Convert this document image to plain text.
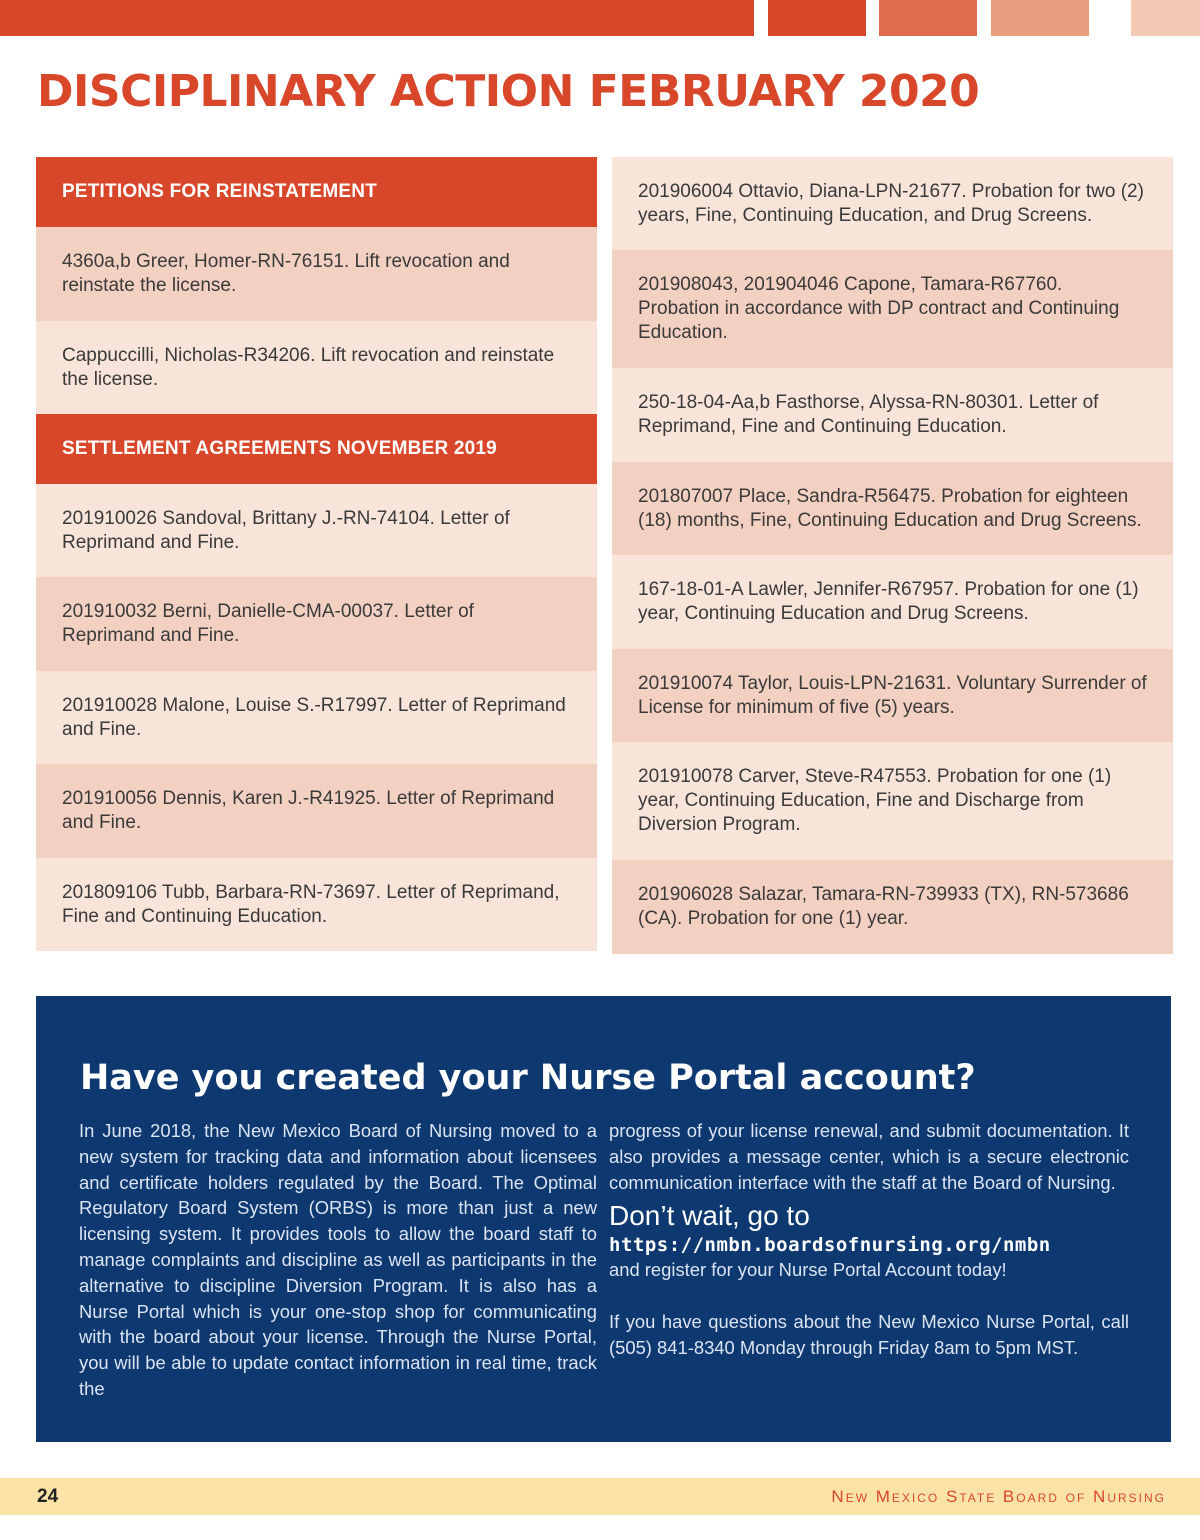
DISCIPLINARY ACTION FEBRUARY 2020

PETITIONS FOR REINSTATEMENT

4360a,b Greer, Homer-RN-76151. Lift revocation and reinstate the license.

Cappuccilli, Nicholas-R34206. Lift revocation and reinstate the license.

SETTLEMENT AGREEMENTS NOVEMBER 2019

201910026 Sandoval, Brittany J.-RN-74104. Letter of Reprimand and Fine.

201910032 Berni, Danielle-CMA-00037. Letter of Reprimand and Fine.

201910028 Malone, Louise S.-R17997. Letter of Reprimand and Fine.

201910056 Dennis, Karen J.-R41925. Letter of Reprimand and Fine.

201809106 Tubb, Barbara-RN-73697. Letter of Reprimand, Fine and Continuing Education.

201906004 Ottavio, Diana-LPN-21677. Probation for two (2) years, Fine, Continuing Education, and Drug Screens.

201908043, 201904046 Capone, Tamara-R67760. Probation in accordance with DP contract and Continuing Education.

250-18-04-Aa,b Fasthorse, Alyssa-RN-80301. Letter of Reprimand, Fine and Continuing Education.

201807007 Place, Sandra-R56475. Probation for eighteen (18) months, Fine, Continuing Education and Drug Screens.

167-18-01-A Lawler, Jennifer-R67957. Probation for one (1) year, Continuing Education and Drug Screens.

201910074 Taylor, Louis-LPN-21631. Voluntary Surrender of License for minimum of five (5) years.

201910078 Carver, Steve-R47553. Probation for one (1) year, Continuing Education, Fine and Discharge from Diversion Program.

201906028 Salazar, Tamara-RN-739933 (TX), RN-573686 (CA). Probation for one (1) year.

Have you created your Nurse Portal account?

In June 2018, the New Mexico Board of Nursing moved to a new system for tracking data and information about licensees and certificate holders regulated by the Board. The Optimal Regulatory Board System (ORBS) is more than just a new licensing system. It provides tools to allow the board staff to manage complaints and discipline as well as participants in the alternative to discipline Diversion Program. It is also has a Nurse Portal which is your one-stop shop for communicating with the board about your license. Through the Nurse Portal, you will be able to update contact information in real time, track the

progress of your license renewal, and submit documentation. It also provides a message center, which is a secure electronic communication interface with the staff at the Board of Nursing.

Don’t wait, go to

https://nmbn.boardsofnursing.org/nmbn

and register for your Nurse Portal Account today!

If you have questions about the New Mexico Nurse Portal, call (505) 841-8340 Monday through Friday 8am to 5pm MST.

24	New Mexico State Board of Nursing
